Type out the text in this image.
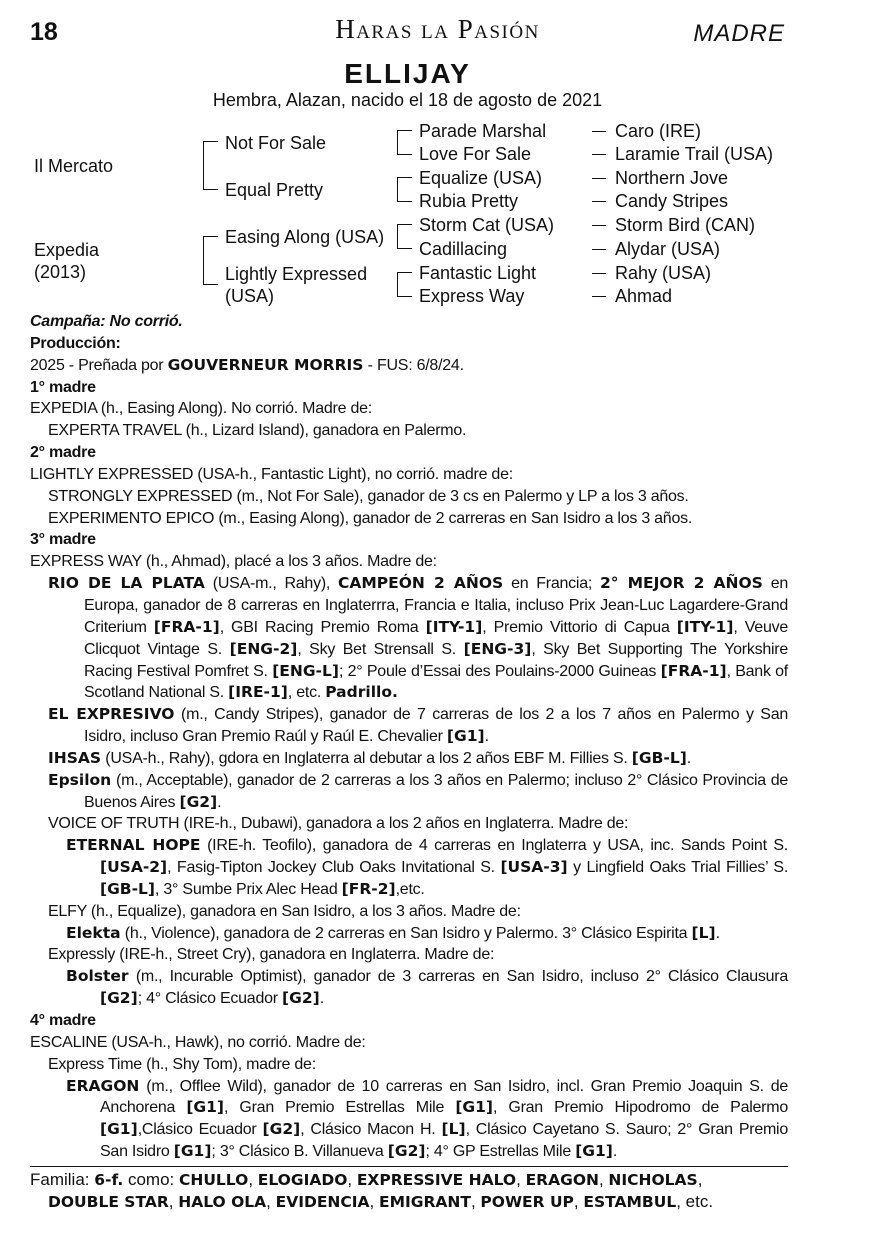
18	Haras la Pasión	MADRE
ELLIJAY
Hembra, Alazan, nacido el 18 de agosto de 2021
Il Mercato
Expedia
(2013)
Not For Sale
Equal Pretty
Easing Along (USA)
Lightly Expressed
(USA)
Parade Marshal
Love For Sale
Equalize (USA)
Rubia Pretty
Storm Cat (USA)
Cadillacing
Fantastic Light
Express Way
Caro (IRE)
Laramie Trail (USA)
Northern Jove
Candy Stripes
Storm Bird (CAN)
Alydar (USA)
Rahy (USA)
Ahmad

Campaña: No corrió.

Producción:

2025 - Preñada por GOUVERNEUR MORRIS - FUS: 6/8/24.

1° madre

EXPEDIA (h., Easing Along). No corrió. Madre de:

EXPERTA TRAVEL (h., Lizard Island), ganadora en Palermo.

2° madre

LIGHTLY EXPRESSED (USA-h., Fantastic Light), no corrió. madre de:

STRONGLY EXPRESSED (m., Not For Sale), ganador de 3 cs en Palermo y LP a los 3 años.

EXPERIMENTO EPICO (m., Easing Along), ganador de 2 carreras en San Isidro a los 3 años.

3° madre

EXPRESS WAY (h., Ahmad), placé a los 3 años. Madre de:

RIO DE LA PLATA (USA-m., Rahy), CAMPEÓN 2 AÑOS en Francia; 2° MEJOR 2 AÑOS en Europa, ganador de 8 carreras en Inglaterrra, Francia e Italia, incluso Prix Jean-Luc Lagardere-Grand Criterium [FRA-1], GBI Racing Premio Roma [ITY-1], Premio Vittorio di Capua [ITY-1], Veuve Clicquot Vintage S. [ENG-2], Sky Bet Strensall S. [ENG-3], Sky Bet Supporting The Yorkshire Racing Festival Pomfret S. [ENG-L]; 2° Poule d’Essai des Poulains-2000 Guineas [FRA-1], Bank of Scotland National S. [IRE-1], etc. Padrillo.

EL EXPRESIVO (m., Candy Stripes), ganador de 7 carreras de los 2 a los 7 años en Palermo y San Isidro, incluso Gran Premio Raúl y Raúl E. Chevalier [G1].

IHSAS (USA-h., Rahy), gdora en Inglaterra al debutar a los 2 años EBF M. Fillies S. [GB-L].

Epsilon (m., Acceptable), ganador de 2 carreras a los 3 años en Palermo; incluso 2° Clásico Provincia de Buenos Aires [G2].

VOICE OF TRUTH (IRE-h., Dubawi), ganadora a los 2 años en Inglaterra. Madre de:

ETERNAL HOPE (IRE-h. Teofilo), ganadora de 4 carreras en Inglaterra y USA, inc. Sands Point S.[USA-2], Fasig-Tipton Jockey Club Oaks Invitational S. [USA-3] y Lingfield Oaks Trial Fillies’ S. [GB-L], 3° Sumbe Prix Alec Head [FR-2],etc.

ELFY (h., Equalize), ganadora en San Isidro, a los 3 años. Madre de:

Elekta (h., Violence), ganadora de 2 carreras en San Isidro y Palermo. 3° Clásico Espirita [L].

Expressly (IRE-h., Street Cry), ganadora en Inglaterra. Madre de:

Bolster (m., Incurable Optimist), ganador de 3 carreras en San Isidro, incluso 2° Clásico Clausura [G2]; 4° Clásico Ecuador [G2].

4° madre

ESCALINE (USA-h., Hawk), no corrió. Madre de:

Express Time (h., Shy Tom), madre de:

ERAGON (m., Offlee Wild), ganador de 10 carreras en San Isidro, incl. Gran Premio Joaquin S. de Anchorena [G1], Gran Premio Estrellas Mile [G1], Gran Premio Hipodromo de Palermo [G1],Clásico Ecuador [G2], Clásico Macon H. [L], Clásico Cayetano S. Sauro; 2° Gran Premio San Isidro [G1]; 3° Clásico B. Villanueva [G2]; 4° GP Estrellas Mile [G1].

Familia: 6-f. como: CHULLO, ELOGIADO, EXPRESSIVE HALO, ERAGON, NICHOLAS,
DOUBLE STAR, HALO OLA, EVIDENCIA, EMIGRANT, POWER UP, ESTAMBUL, etc.
